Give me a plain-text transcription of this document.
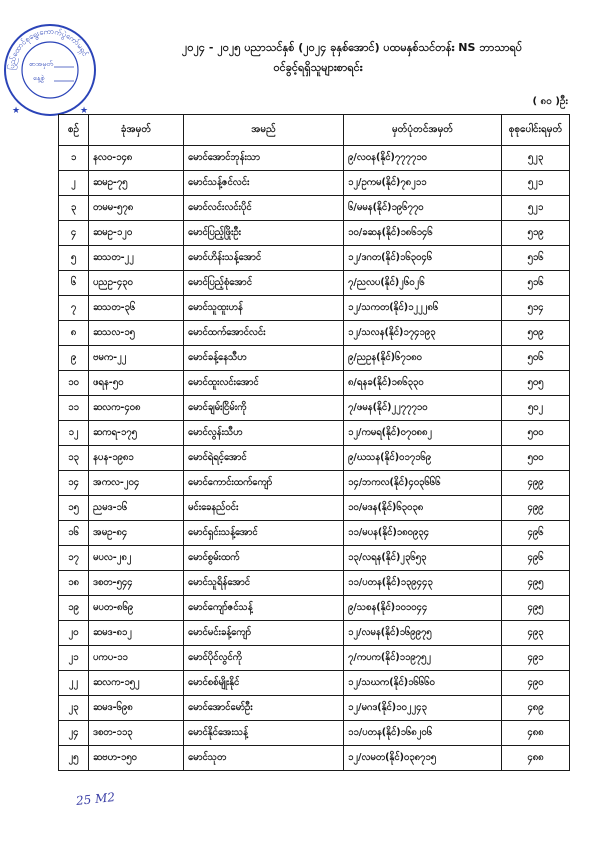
ပြည်ထောင်စုရွေးကောက်ပွဲကော်မရှင်
စာအမှတ်
နေ့စွဲ
★	★
၂၀၂၄ - ၂၀၂၅ ပညာသင်နှစ် (၂၀၂၄ ခုနှစ်အောင်) ပထမနှစ်သင်တန်း NS ဘာသာရပ်
ဝင်ခွင့်ရရှိသူများစာရင်း
( ၈၀ )ဦး
စဉ်	ခုံအမှတ်	အမည်	မှတ်ပုံတင်အမှတ်	စုစုပေါင်းရမှတ်
၁	နလဝ-၁၄၈	မောင်အောင်ဘုန်းသာ	၉/လဝန(နိုင်)၇၇၇၇၁၀	၅၂၃
၂	ဆမဥ-၇၅	မောင်သန့်ဇင်လင်း	၁၂/ဥကမ(နိုင်)၇၈၂၁၁	၅၂၁
၃	တမမ-၅၇၈	မောင်လင်းလင်းပိုင်	၆/မမန(နိုင်)၁၉၆၇၇၀	၅၂၁
၄	ဆမဥ-၁၂၀	မောင်ပြည့်ဖြိုးဦး	၁၀/ခဆန(နိုင်)၁၈၆၁၄၆	၅၁၉
၅	ဆသတ-၂၂	မောင်ဟိန်းသန့်အောင်	၁၂/ဒဂတ(နိုင်)၁၆၃၀၄၆	၅၁၆
၆	ပညဥ-၄၃၀	မောင်ပြည့်စုံအောင်	၇/ညလပ(နိုင်)၂၆၀၂၆	၅၁၆
၇	ဆသတ-၃၆	မောင်သူထူးဟန်	၁၂/သကတ(နိုင်)၁၂၂၂၈၆	၅၁၄
၈	ဆသလ-၁၅	မောင်ထက်အောင်လင်း	၁၂/သလန(နိုင်)၁၇၄၁၉၃	၅၀၉
၉	ဗမက-၂၂	မောင်ခန့်နေသီဟ	၉/ညဥန(နိုင်)၆၇၁၈၀	၅၀၆
၁၀	ဖရန-၅၀	မောင်ထူးလင်းအောင်	၈/ရနခ(နိုင်)၁၈၆၃၃၀	၅၀၅
၁၁	ဆလက-၄၀၈	မောင်ချမ်းငြိမ်းကို	၇/ဖမန(နိုင်)၂၂၇၇၇၁၀	၅၀၂
၁၂	ဆကရ-၁၇၅	မောင်လွန်းသီဟ	၁၂/ကမရ(နိုင်)၀၇၀၈၈၂	၅၀၀
၁၃	နပန-၁၉၈၁	မောင်ရဲရင့်အောင်	၉/ဃသန(နိုင်)၀၁၇၁၆၉	၅၀၀
၁၄	အကလ-၂၀၄	မောင်ကောင်းထက်ကျော်	၁၄/ဘကလ(နိုင်)၄၀၃၆၆၆	၄၉၉
၁၅	ညမဒ-၁၆	မင်းခေနည်ဝင်း	၁၀/မဒန(နိုင်)၆၃၀၃၈	၄၉၉
၁၆	အမဥ-၈၄	မောင်ရှင်းသန့်အောင်	၁၁/မပန(နိုင်)၁၈၀၉၃၄	၄၉၆
၁၇	မပလ-၂၈၂	မောင်စွမ်းထက်	၁၃/လရန(နိုင်)၂၃၆၅၃	၄၉၆
၁၈	ဒစတ-၅၄၄	မောင်သူရိန်အောင်	၁၁/ပတန(နိုင်)၁၃၉၄၄၃	၄၉၅
၁၉	မပတ-၈၆၉	မောင်ကျော်ဇင်သန့်	၉/သစန(နိုင်)၁၀၁၀၄၄	၄၉၅
၂၀	ဆမဒ-၈၁၂	မောင်မင်းခန့်ကျော်	၁၂/လမန(နိုင်)၁၆၉၉၇၅	၄၉၃
၂၁	ပကပ-၁၁	မောင်ပိုင်လွင်ကို	၇/ကပက(နိုင်)၁၁၉၇၅၂	၄၉၁
၂၂	ဆလက-၁၅၂	မောင်စစ်မျိုးနိုင်	၁၂/သဃက(နိုင်)၁၆၆၆၀	၄၉၀
၂၃	ဆမဒ-၆၉၈	မောင်အောင်မော်ဦး	၁၂/မဂဒ(နိုင်)၁၀၂၂၄၃	၄၈၉
၂၄	ဒစတ-၁၁၃	မောင်နိုင်အေးသန့်	၁၁/ပတန(နိုင်)၁၆၈၂၀၆	၄၈၈
၂၅	ဆဗဟ-၁၅၀	မောင်သုတ	၁၂/လမတ(နိုင်)၀၃၈၇၁၅	၄၈၈
25 M2
